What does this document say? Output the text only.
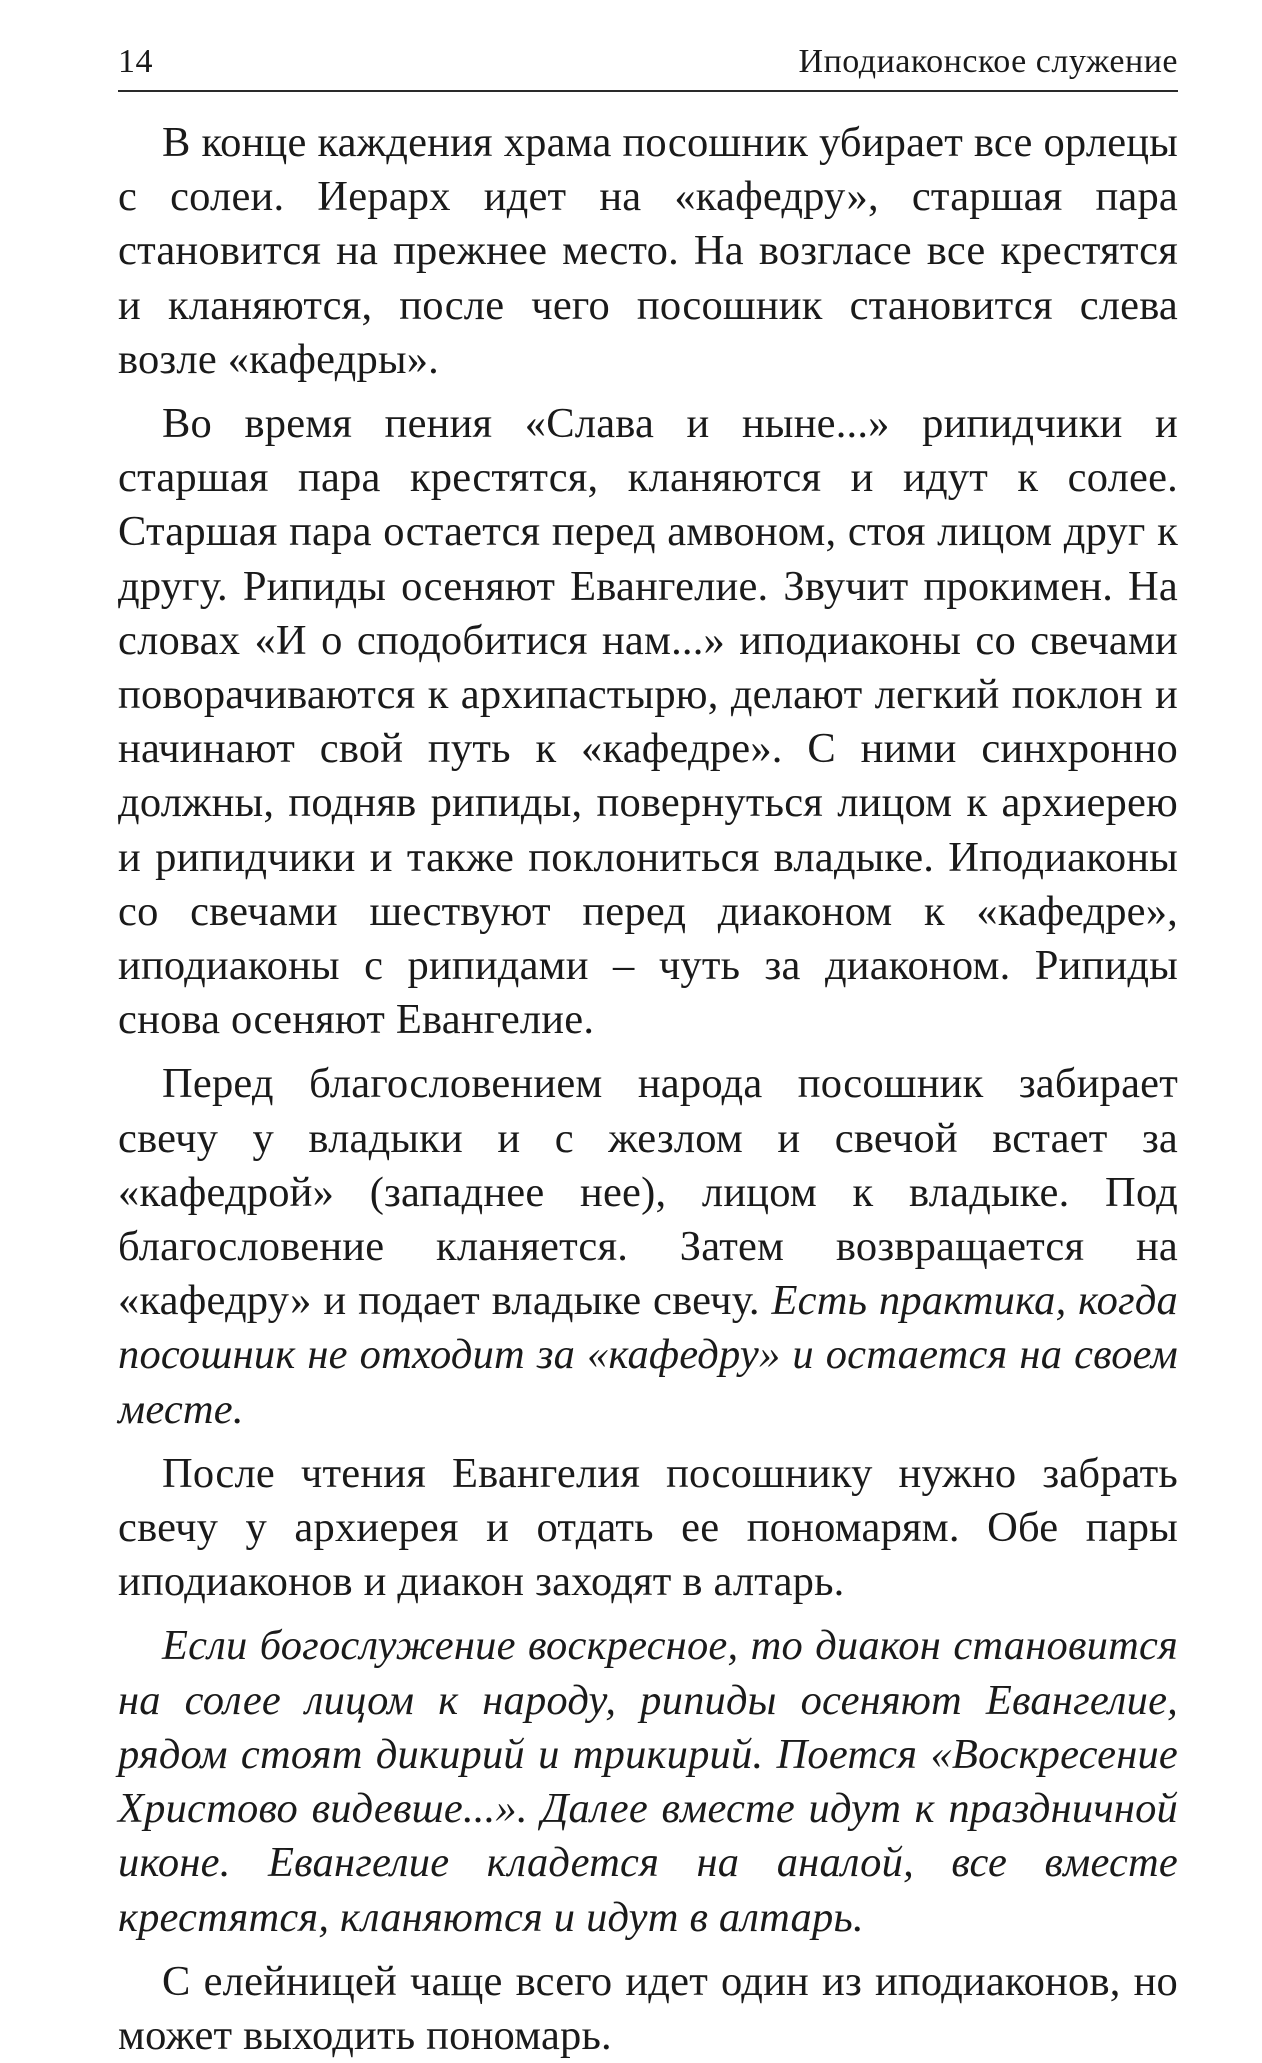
14	Иподиаконское служение

В конце каждения храма посошник убирает все орлецы с солеи. Иерарх идет на «кафедру», старшая пара становится на прежнее место. На возгласе все крестятся и кланяются, после чего посошник становится слева возле «кафедры».

Во время пения «Слава и ныне...» рипидчики и старшая пара крестятся, кланяются и идут к солее. Старшая пара остается перед амвоном, стоя лицом друг к другу. Рипиды осеняют Евангелие. Звучит прокимен. На словах «И о сподобитися нам...» иподиаконы со свечами поворачиваются к архипастырю, делают легкий поклон и начинают свой путь к «кафедре». С ними синхронно должны, подняв рипиды, повернуться лицом к архиерею и рипидчики и также поклониться владыке. Иподиаконы со свечами шествуют перед диаконом к «кафедре», иподиаконы с рипидами – чуть за диаконом. Рипиды снова осеняют Евангелие.

Перед благословением народа посошник забирает свечу у владыки и с жезлом и свечой встает за «кафедрой» (западнее нее), лицом к владыке. Под благословение кланяется. Затем возвращается на «кафедру» и подает владыке свечу. Есть практика, когда посошник не отходит за «кафедру» и остается на своем месте.

После чтения Евангелия посошнику нужно забрать свечу у архиерея и отдать ее пономарям. Обе пары иподиаконов и диакон заходят в алтарь.

Если богослужение воскресное, то диакон становится на солее лицом к народу, рипиды осеняют Евангелие, рядом стоят дикирий и трикирий. Поется «Воскресение Христово видевше...». Далее вместе идут к праздничной иконе. Евангелие кладется на аналой, все вместе крестятся, кланяются и идут в алтарь.

С елейницей чаще всего идет один из иподиаконов, но может выходить пономарь.
